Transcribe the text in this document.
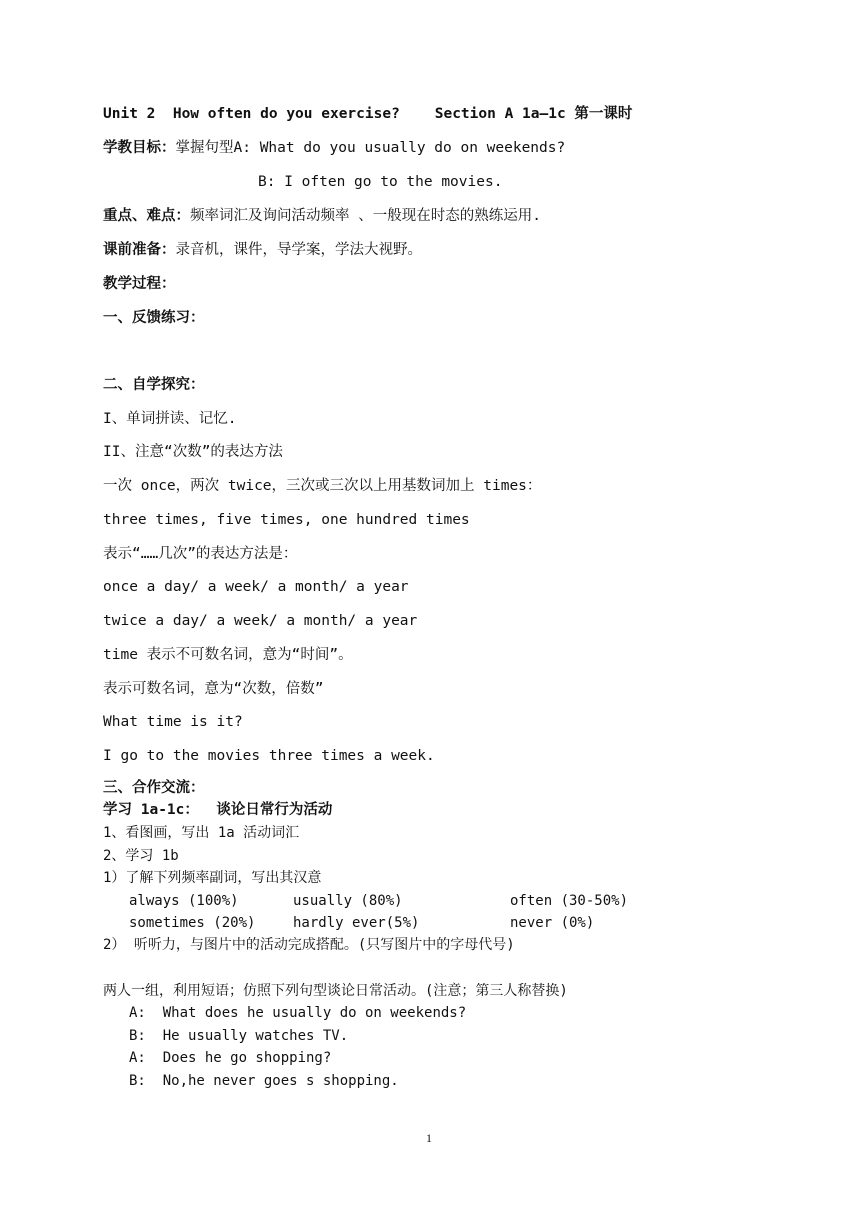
Unit 2  How often do you exercise?    Section A 1a—1c 第一课时
学教目标：掌握句型A: What do you usually do on weekends?
B: I often go to the movies.
重点、难点：频率词汇及询问活动频率 、一般现在时态的熟练运用.
课前准备：录音机，课件，导学案，学法大视野。
教学过程：
一、反馈练习：
二、自学探究：
I、单词拼读、记忆.
II、注意“次数”的表达方法
一次 once，两次 twice，三次或三次以上用基数词加上 times：
three times, five times, one hundred times
表示“……几次”的表达方法是：
once a day/ a week/ a month/ a year
twice a day/ a week/ a month/ a year
time 表示不可数名词，意为“时间”。
表示可数名词，意为“次数，倍数”
What time is it?
I go to the movies three times a week.
三、合作交流：
学习 1a-1c：  谈论日常行为活动
1、看图画，写出 1a 活动词汇
2、学习 1b
1）了解下列频率副词，写出其汉意
always (100%)	usually (80%)	often (30-50%)
sometimes (20%)	hardly ever(5%)	never (0%)
2） 听听力，与图片中的活动完成搭配。(只写图片中的字母代号)
两人一组，利用短语；仿照下列句型谈论日常活动。(注意；第三人称替换)
A: What does he usually do on weekends?
B: He usually watches TV.
A: Does he go shopping?
B: No,he never goes s shopping.
1
